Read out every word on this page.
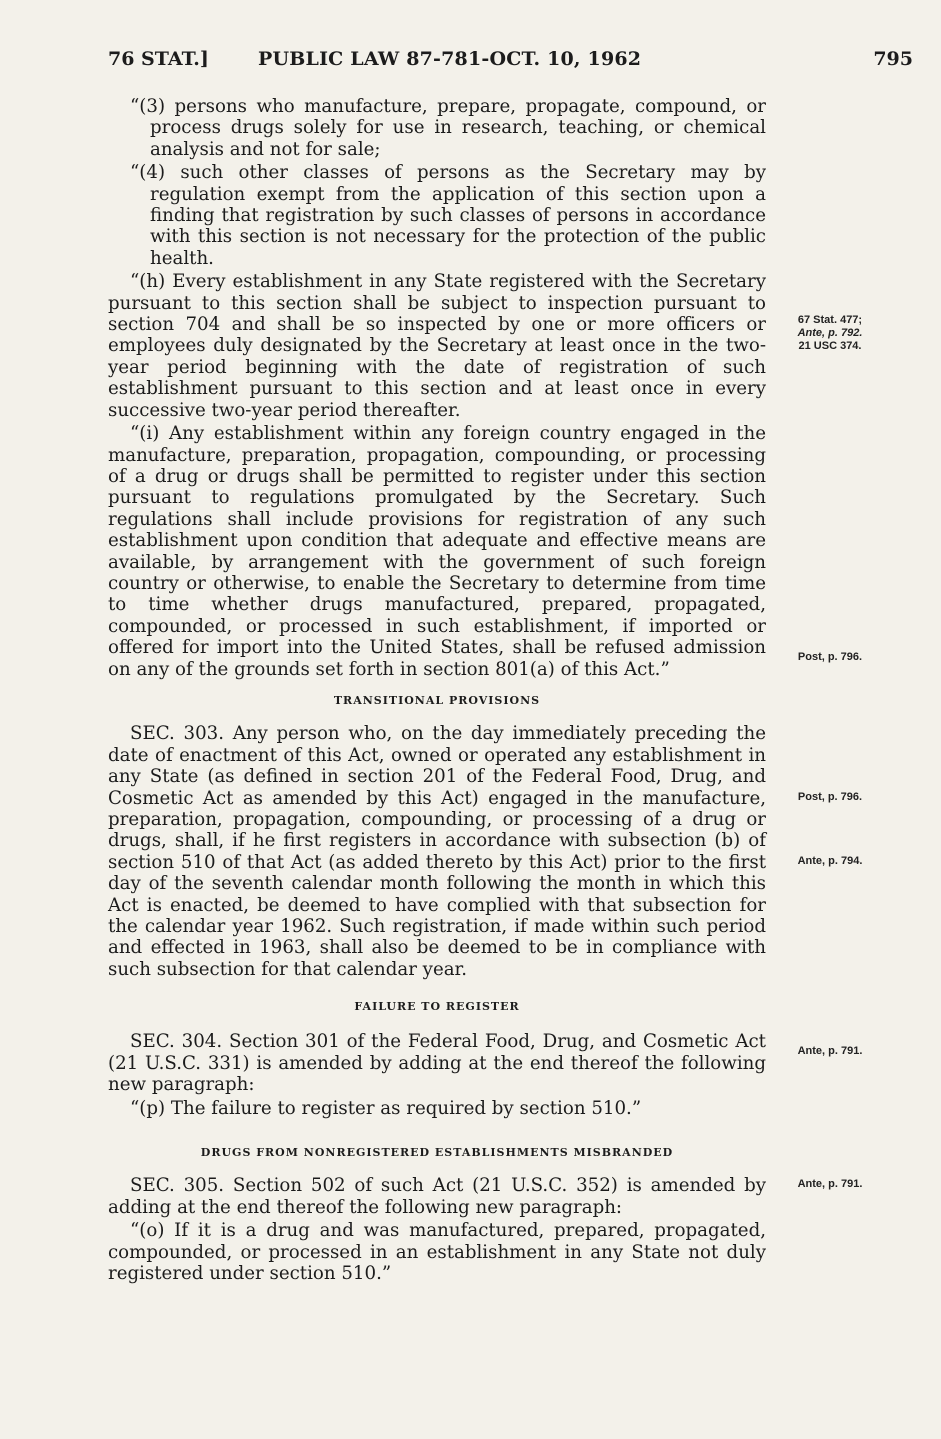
76 STAT.]	PUBLIC LAW 87-781-OCT. 10, 1962	795

“(3) persons who manufacture, prepare, propagate, compound, or process drugs solely for use in research, teaching, or chemical analysis and not for sale;

“(4) such other classes of persons as the Secretary may by regulation exempt from the application of this section upon a finding that registration by such classes of persons in accordance with this section is not necessary for the protection of the public health.

“(h) Every establishment in any State registered with the Secretary pursuant to this section shall be subject to inspection pursuant to section 704 and shall be so inspected by one or more officers or employees duly designated by the Secretary at least once in the two-year period beginning with the date of registration of such establishment pursuant to this section and at least once in every successive two-year period thereafter.

“(i) Any establishment within any foreign country engaged in the manufacture, preparation, propagation, compounding, or processing of a drug or drugs shall be permitted to register under this section pursuant to regulations promulgated by the Secretary. Such regulations shall include provisions for registration of any such establishment upon condition that adequate and effective means are available, by arrangement with the government of such foreign country or otherwise, to enable the Secretary to determine from time to time whether drugs manufactured, prepared, propagated, compounded, or processed in such establishment, if imported or offered for import into the United States, shall be refused admission on any of the grounds set forth in section 801(a) of this Act.”

TRANSITIONAL PROVISIONS

SEC. 303. Any person who, on the day immediately preceding the date of enactment of this Act, owned or operated any establishment in any State (as defined in section 201 of the Federal Food, Drug, and Cosmetic Act as amended by this Act) engaged in the manufacture, preparation, propagation, compounding, or processing of a drug or drugs, shall, if he first registers in accordance with subsection (b) of section 510 of that Act (as added thereto by this Act) prior to the first day of the seventh calendar month following the month in which this Act is enacted, be deemed to have complied with that subsection for the calendar year 1962. Such registration, if made within such period and effected in 1963, shall also be deemed to be in compliance with such subsection for that calendar year.

FAILURE TO REGISTER

SEC. 304. Section 301 of the Federal Food, Drug, and Cosmetic Act (21 U.S.C. 331) is amended by adding at the end thereof the following new paragraph:

“(p) The failure to register as required by section 510.”

DRUGS FROM NONREGISTERED ESTABLISHMENTS MISBRANDED

SEC. 305. Section 502 of such Act (21 U.S.C. 352) is amended by adding at the end thereof the following new paragraph:

“(o) If it is a drug and was manufactured, prepared, propagated, compounded, or processed in an establishment in any State not duly registered under section 510.”

67 Stat. 477;
Ante, p. 792.
21 USC 374.
Post, p. 796.
Post, p. 796.
Ante, p. 794.
Ante, p. 791.
Ante, p. 791.
